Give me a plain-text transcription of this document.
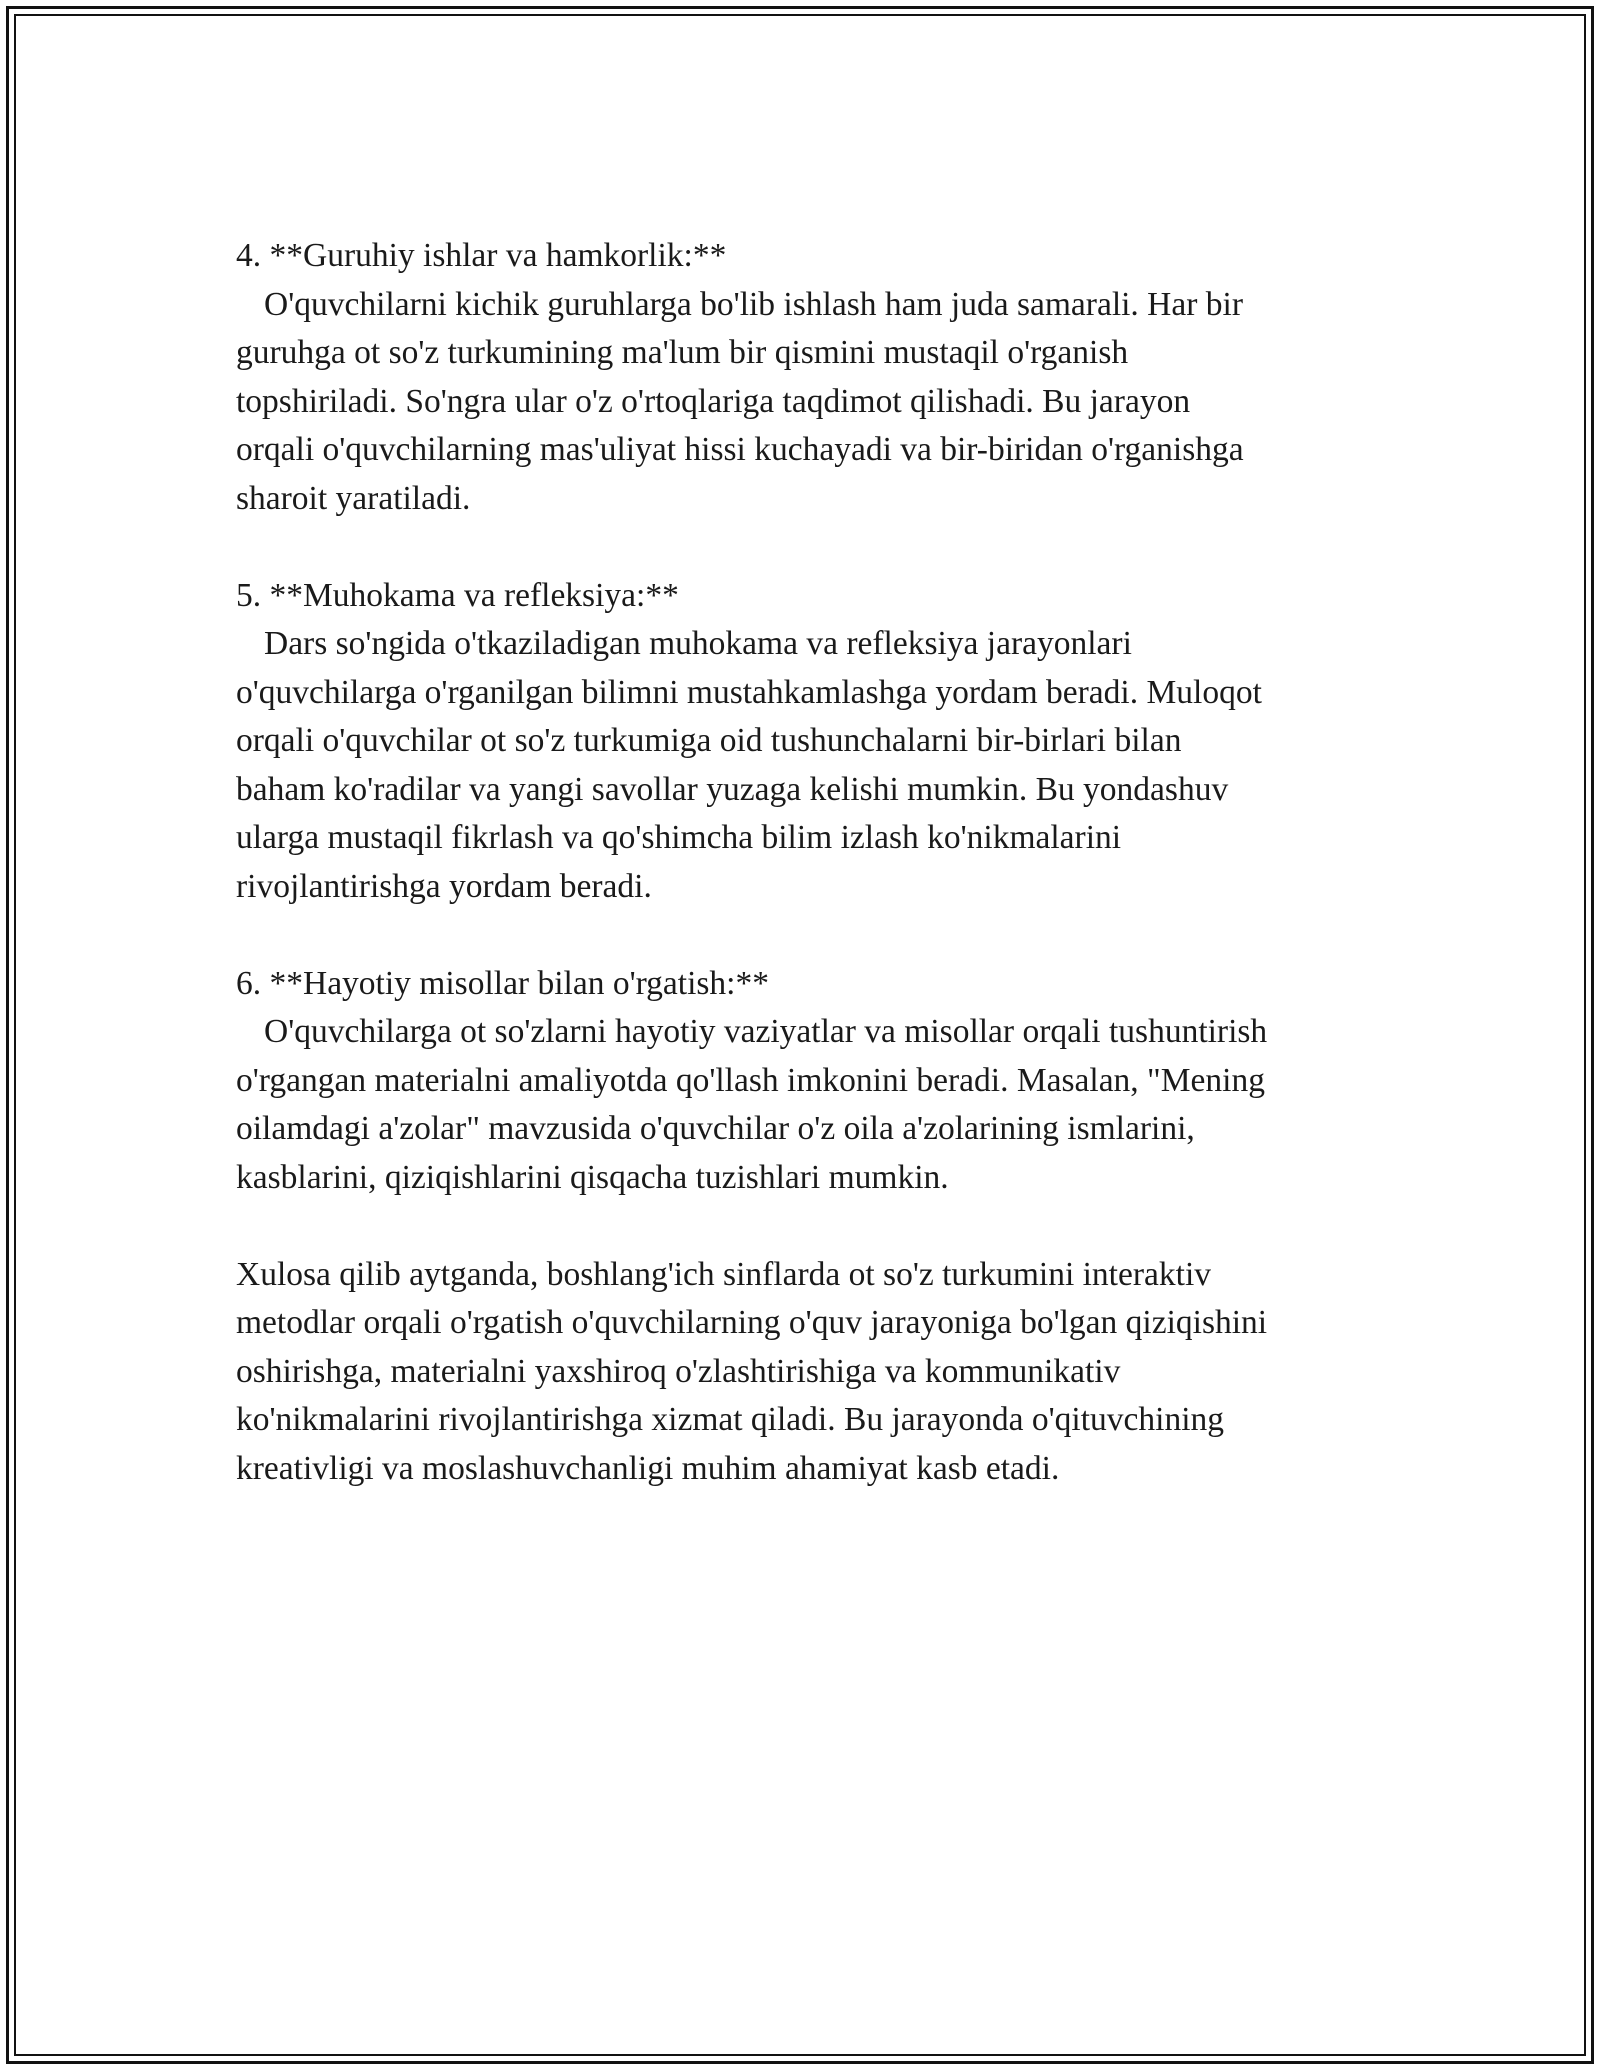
4. **Guruhiy ishlar va hamkorlik:**
O'quvchilarni kichik guruhlarga bo'lib ishlash ham juda samarali. Har bir
guruhga ot so'z turkumining ma'lum bir qismini mustaqil o'rganish
topshiriladi. So'ngra ular o'z o'rtoqlariga taqdimot qilishadi. Bu jarayon
orqali o'quvchilarning mas'uliyat hissi kuchayadi va bir-biridan o'rganishga
sharoit yaratiladi.
5. **Muhokama va refleksiya:**
Dars so'ngida o'tkaziladigan muhokama va refleksiya jarayonlari
o'quvchilarga o'rganilgan bilimni mustahkamlashga yordam beradi. Muloqot
orqali o'quvchilar ot so'z turkumiga oid tushunchalarni bir-birlari bilan
baham ko'radilar va yangi savollar yuzaga kelishi mumkin. Bu yondashuv
ularga mustaqil fikrlash va qo'shimcha bilim izlash ko'nikmalarini
rivojlantirishga yordam beradi.
6. **Hayotiy misollar bilan o'rgatish:**
O'quvchilarga ot so'zlarni hayotiy vaziyatlar va misollar orqali tushuntirish
o'rgangan materialni amaliyotda qo'llash imkonini beradi. Masalan, "Mening
oilamdagi a'zolar" mavzusida o'quvchilar o'z oila a'zolarining ismlarini,
kasblarini, qiziqishlarini qisqacha tuzishlari mumkin.
Xulosa qilib aytganda, boshlang'ich sinflarda ot so'z turkumini interaktiv
metodlar orqali o'rgatish o'quvchilarning o'quv jarayoniga bo'lgan qiziqishini
oshirishga, materialni yaxshiroq o'zlashtirishiga va kommunikativ
ko'nikmalarini rivojlantirishga xizmat qiladi. Bu jarayonda o'qituvchining
kreativligi va moslashuvchanligi muhim ahamiyat kasb etadi.
